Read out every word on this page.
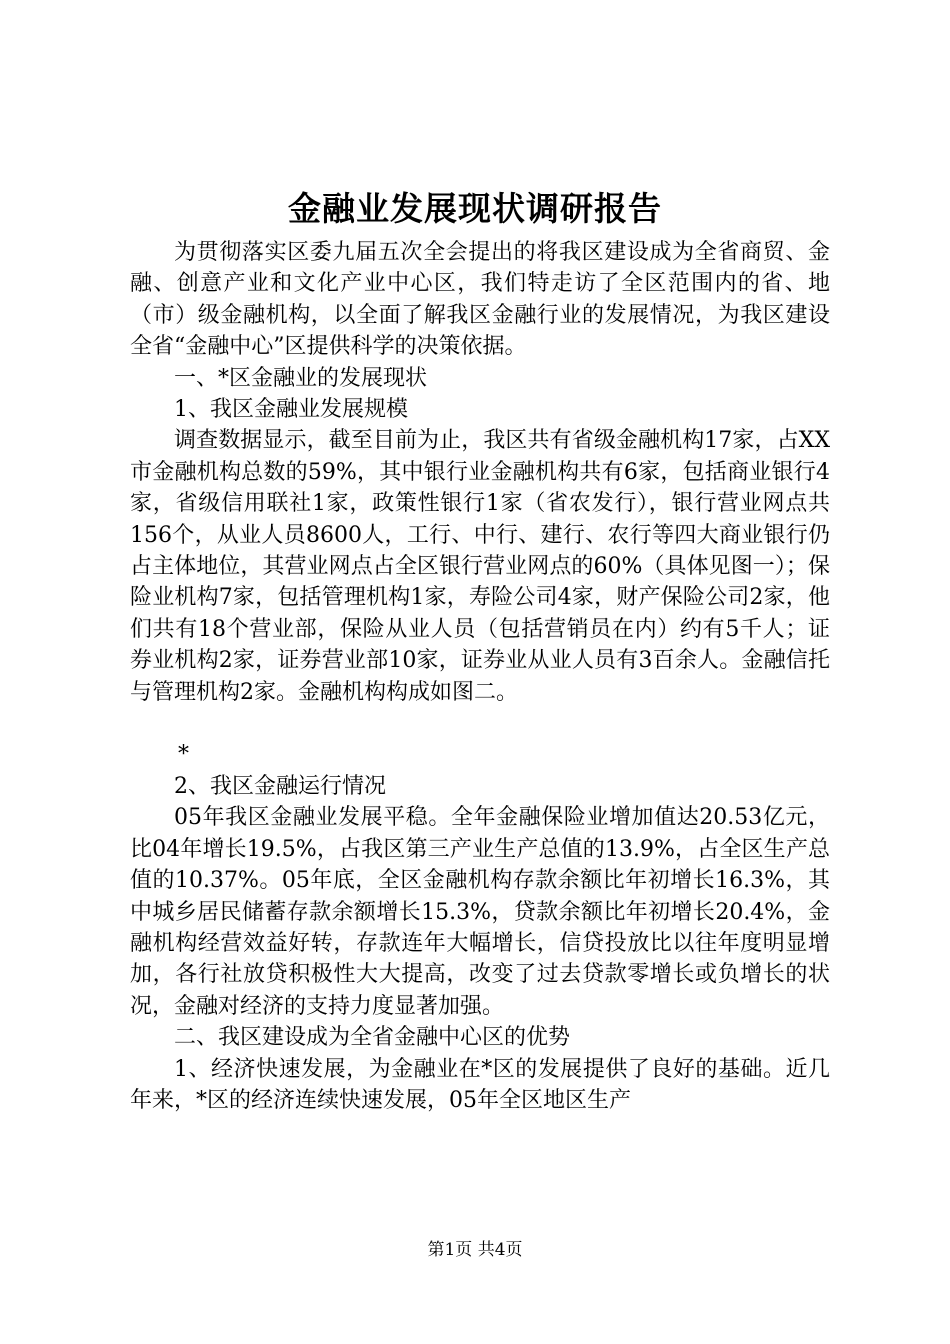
金融业发展现状调研报告

为贯彻落实区委九届五次全会提出的将我区建设成为全省商贸、金融、创意产业和文化产业中心区，我们特走访了全区范围内的省、地（市）级金融机构，以全面了解我区金融行业的发展情况，为我区建设全省“金融中心”区提供科学的决策依据。

一、*区金融业的发展现状

1、我区金融业发展规模

调查数据显示，截至目前为止，我区共有省级金融机构17家，占XX市金融机构总数的59%，其中银行业金融机构共有6家，包括商业银行4家，省级信用联社1家，政策性银行1家（省农发行），银行营业网点共156个，从业人员8600人，工行、中行、建行、农行等四大商业银行仍占主体地位，其营业网点占全区银行营业网点的60%（具体见图一）；保险业机构7家，包括管理机构1家，寿险公司4家，财产保险公司2家，他们共有18个营业部，保险从业人员（包括营销员在内）约有5千人；证券业机构2家，证券营业部10家，证券业从业人员有3百余人。金融信托与管理机构2家。金融机构构成如图二。

*

2、我区金融运行情况

05年我区金融业发展平稳。全年金融保险业增加值达20.53亿元，比04年增长19.5%，占我区第三产业生产总值的13.9%，占全区生产总值的10.37%。05年底，全区金融机构存款余额比年初增长16.3%，其中城乡居民储蓄存款余额增长15.3%，贷款余额比年初增长20.4%，金融机构经营效益好转，存款连年大幅增长，信贷投放比以往年度明显增加，各行社放贷积极性大大提高，改变了过去贷款零增长或负增长的状况，金融对经济的支持力度显著加强。

二、我区建设成为全省金融中心区的优势

1、经济快速发展，为金融业在*区的发展提供了良好的基础。近几年来，*区的经济连续快速发展，05年全区地区生产

第1页 共4页
